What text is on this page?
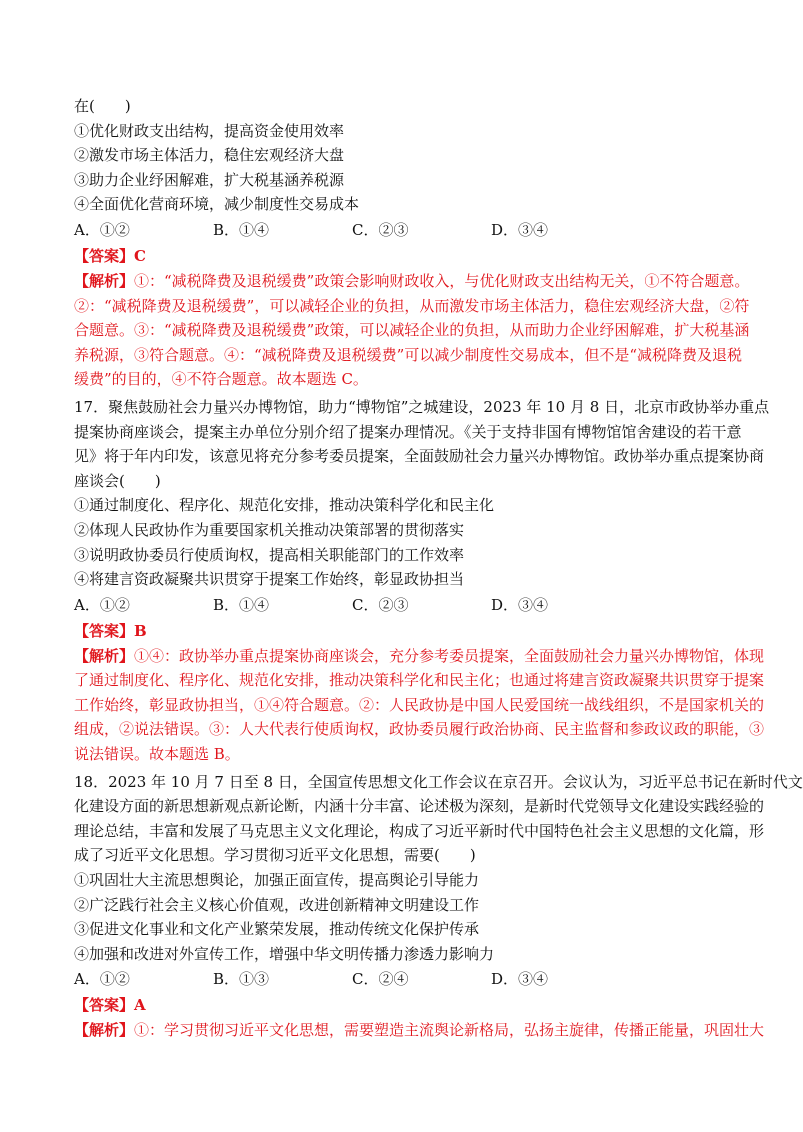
在(　　)
①优化财政支出结构，提高资金使用效率
②激发市场主体活力，稳住宏观经济大盘
③助力企业纾困解难，扩大税基涵养税源
④全面优化营商环境，减少制度性交易成本
A．①②	B．①④	C．②③	D．③④
【答案】C
【解析】①：“减税降费及退税缓费”政策会影响财政收入，与优化财政支出结构无关，①不符合题意。
②：“减税降费及退税缓费”，可以减轻企业的负担，从而激发市场主体活力，稳住宏观经济大盘，②符
合题意。③：“减税降费及退税缓费”政策，可以减轻企业的负担，从而助力企业纾困解难，扩大税基涵
养税源，③符合题意。④：“减税降费及退税缓费”可以减少制度性交易成本，但不是“减税降费及退税
缓费”的目的，④不符合题意。故本题选 C。
17．聚焦鼓励社会力量兴办博物馆，助力“博物馆”之城建设，2023 年 10 月 8 日，北京市政协举办重点
提案协商座谈会，提案主办单位分别介绍了提案办理情况。《关于支持非国有博物馆馆舍建设的若干意
见》将于年内印发，该意见将充分参考委员提案，全面鼓励社会力量兴办博物馆。政协举办重点提案协商
座谈会(　　)
①通过制度化、程序化、规范化安排，推动决策科学化和民主化
②体现人民政协作为重要国家机关推动决策部署的贯彻落实
③说明政协委员行使质询权，提高相关职能部门的工作效率
④将建言资政凝聚共识贯穿于提案工作始终，彰显政协担当
A．①②	B．①④	C．②③	D．③④
【答案】B
【解析】①④：政协举办重点提案协商座谈会，充分参考委员提案，全面鼓励社会力量兴办博物馆，体现
了通过制度化、程序化、规范化安排，推动决策科学化和民主化；也通过将建言资政凝聚共识贯穿于提案
工作始终，彰显政协担当，①④符合题意。②：人民政协是中国人民爱国统一战线组织，不是国家机关的
组成，②说法错误。③：人大代表行使质询权，政协委员履行政治协商、民主监督和参政议政的职能，③
说法错误。故本题选 B。
18．2023 年 10 月 7 日至 8 日，全国宣传思想文化工作会议在京召开。会议认为，习近平总书记在新时代文
化建设方面的新思想新观点新论断，内涵十分丰富、论述极为深刻，是新时代党领导文化建设实践经验的
理论总结，丰富和发展了马克思主义文化理论，构成了习近平新时代中国特色社会主义思想的文化篇，形
成了习近平文化思想。学习贯彻习近平文化思想，需要(　　)
①巩固壮大主流思想舆论，加强正面宣传，提高舆论引导能力
②广泛践行社会主义核心价值观，改进创新精神文明建设工作
③促进文化事业和文化产业繁荣发展，推动传统文化保护传承
④加强和改进对外宣传工作，增强中华文明传播力渗透力影响力
A．①②	B．①③	C．②④	D．③④
【答案】A
【解析】①：学习贯彻习近平文化思想，需要塑造主流舆论新格局，弘扬主旋律，传播正能量，巩固壮大
